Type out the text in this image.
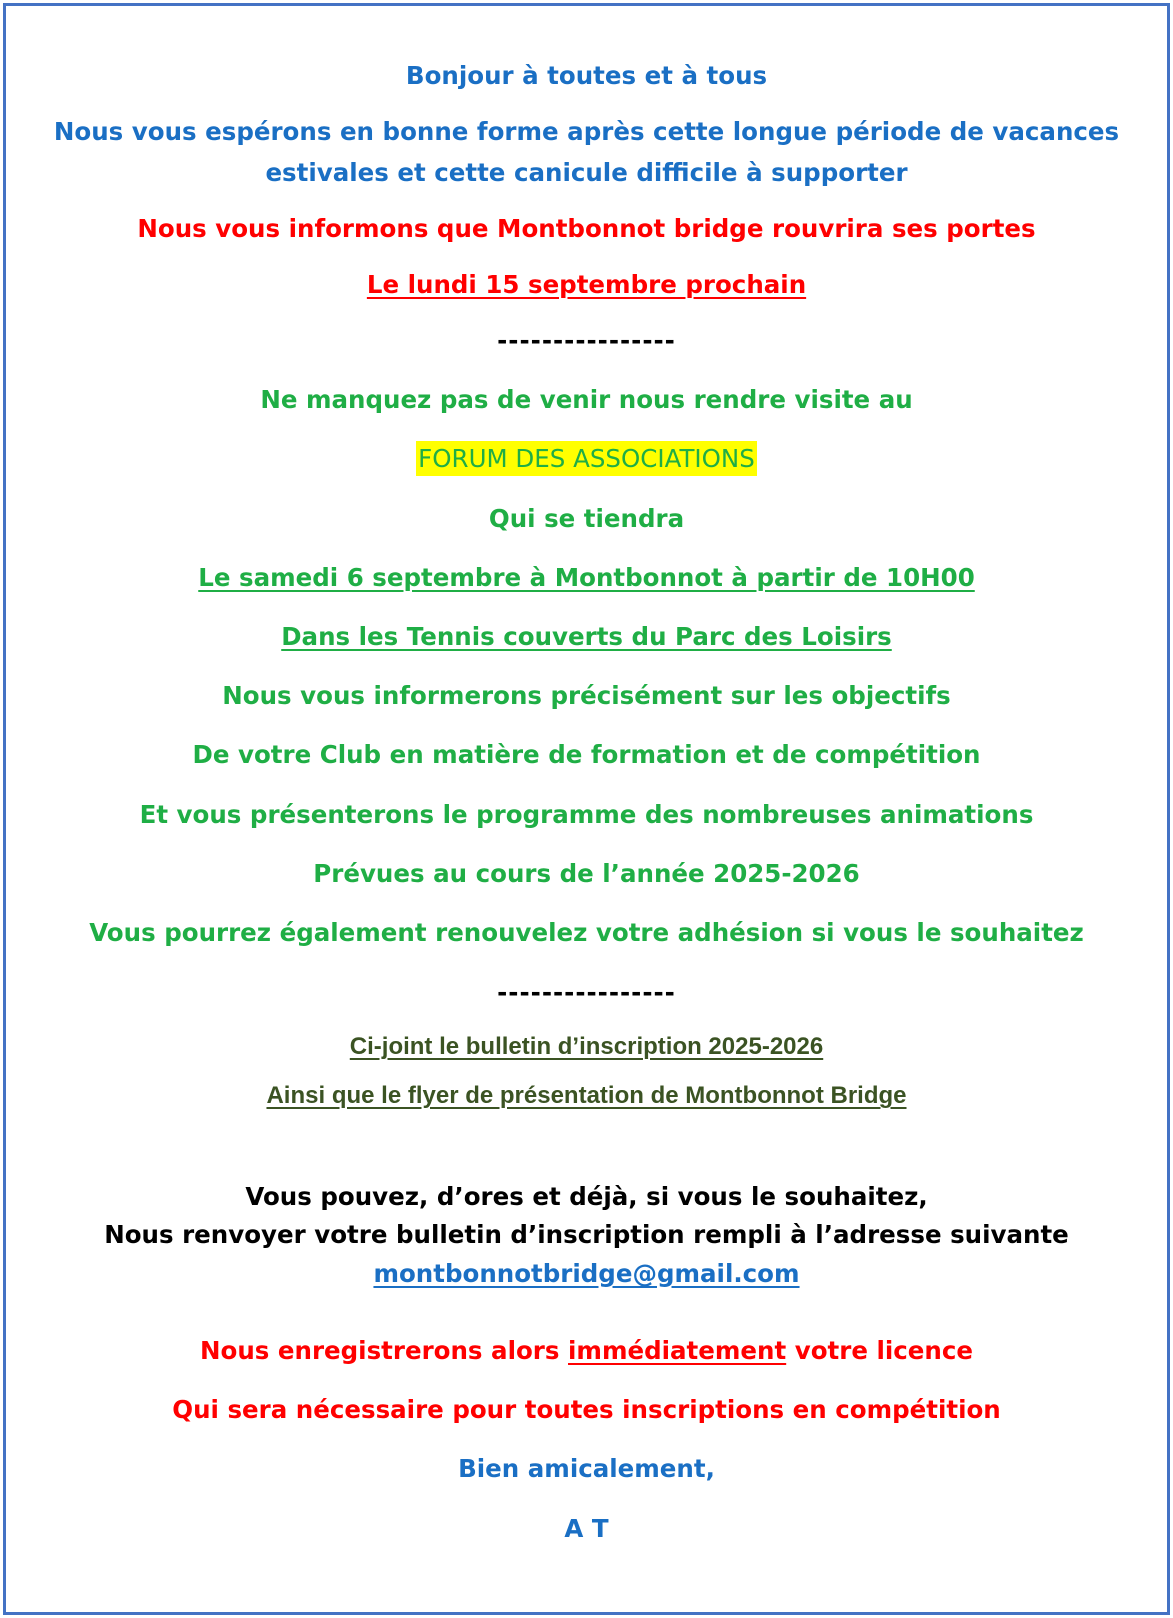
Bonjour à toutes et à tous
Nous vous espérons en bonne forme après cette longue période de vacances
estivales et cette canicule difficile à supporter
Nous vous informons que Montbonnot bridge rouvrira ses portes
Le lundi 15 septembre prochain
----------------
Ne manquez pas de venir nous rendre visite au
FORUM DES ASSOCIATIONS
Qui se tiendra
Le samedi 6 septembre à Montbonnot à partir de 10H00
Dans les Tennis couverts du Parc des Loisirs
Nous vous informerons précisément sur les objectifs
De votre Club en matière de formation et de compétition
Et vous présenterons le programme des nombreuses animations
Prévues au cours de l’année 2025-2026
Vous pourrez également renouvelez votre adhésion si vous le souhaitez
----------------
Ci-joint le bulletin d’inscription 2025-2026
Ainsi que le flyer de présentation de Montbonnot Bridge
Vous pouvez, d’ores et déjà, si vous le souhaitez,
Nous renvoyer votre bulletin d’inscription rempli à l’adresse suivante
montbonnotbridge@gmail.com
Nous enregistrerons alors immédiatement votre licence
Qui sera nécessaire pour toutes inscriptions en compétition
Bien amicalement,
A T
